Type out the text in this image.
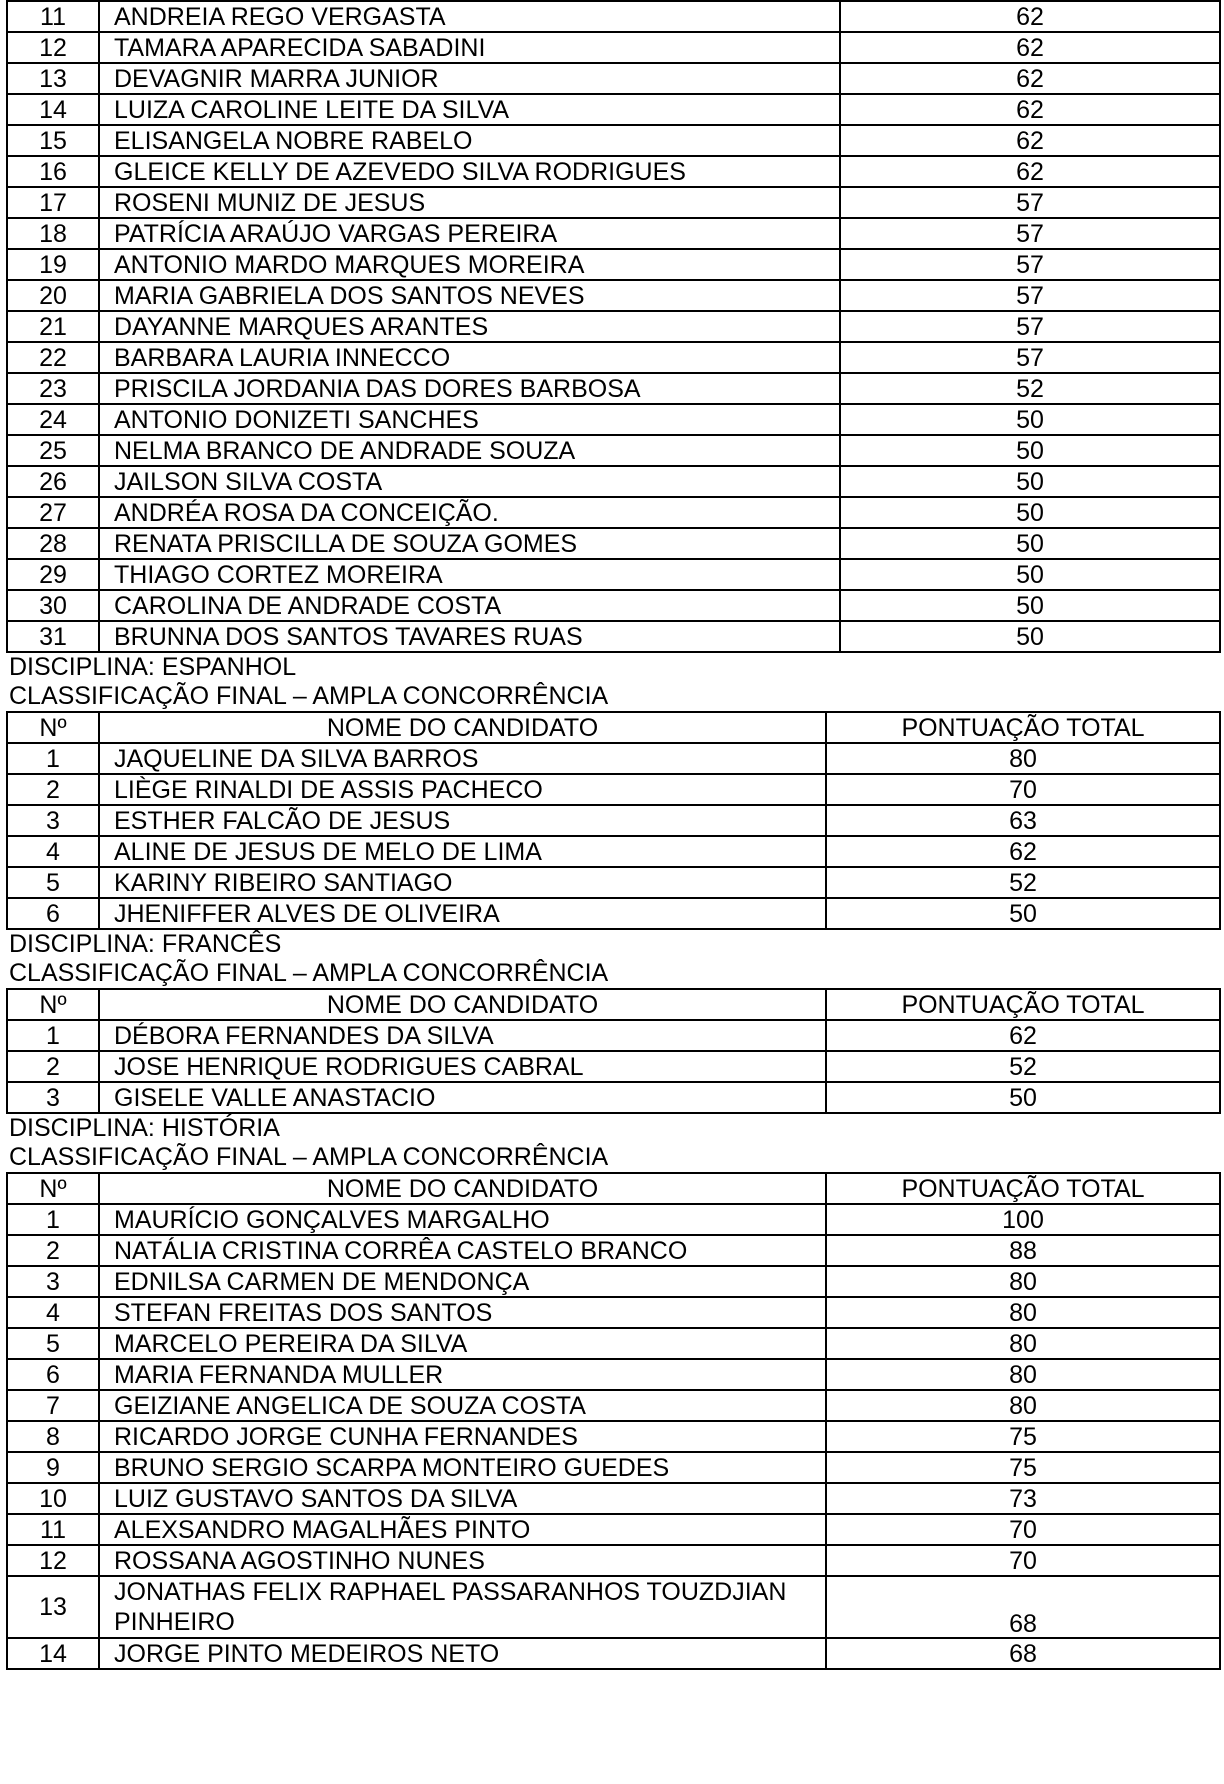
11	ANDREIA REGO VERGASTA	62
12	TAMARA APARECIDA SABADINI	62
13	DEVAGNIR MARRA JUNIOR	62
14	LUIZA CAROLINE LEITE DA SILVA	62
15	ELISANGELA NOBRE RABELO	62
16	GLEICE KELLY DE AZEVEDO SILVA RODRIGUES	62
17	ROSENI MUNIZ DE JESUS	57
18	PATRÍCIA ARAÚJO VARGAS PEREIRA	57
19	ANTONIO MARDO MARQUES MOREIRA	57
20	MARIA GABRIELA DOS SANTOS NEVES	57
21	DAYANNE MARQUES ARANTES	57
22	BARBARA LAURIA INNECCO	57
23	PRISCILA JORDANIA DAS DORES BARBOSA	52
24	ANTONIO DONIZETI SANCHES	50
25	NELMA BRANCO DE ANDRADE SOUZA	50
26	JAILSON SILVA COSTA	50
27	ANDRÉA ROSA DA CONCEIÇÃO.	50
28	RENATA PRISCILLA DE SOUZA GOMES	50
29	THIAGO CORTEZ MOREIRA	50
30	CAROLINA DE ANDRADE COSTA	50
31	BRUNNA DOS SANTOS TAVARES RUAS	50
DISCIPLINA: ESPANHOL
CLASSIFICAÇÃO FINAL – AMPLA CONCORRÊNCIA
Nº	NOME DO CANDIDATO	PONTUAÇÃO TOTAL
1	JAQUELINE DA SILVA BARROS	80
2	LIÈGE RINALDI DE ASSIS PACHECO	70
3	ESTHER FALCÃO DE JESUS	63
4	ALINE DE JESUS DE MELO DE LIMA	62
5	KARINY RIBEIRO SANTIAGO	52
6	JHENIFFER ALVES DE OLIVEIRA	50
DISCIPLINA: FRANCÊS
CLASSIFICAÇÃO FINAL – AMPLA CONCORRÊNCIA
Nº	NOME DO CANDIDATO	PONTUAÇÃO TOTAL
1	DÉBORA FERNANDES DA SILVA	62
2	JOSE HENRIQUE RODRIGUES CABRAL	52
3	GISELE VALLE ANASTACIO	50
DISCIPLINA: HISTÓRIA
CLASSIFICAÇÃO FINAL – AMPLA CONCORRÊNCIA
Nº	NOME DO CANDIDATO	PONTUAÇÃO TOTAL
1	MAURÍCIO GONÇALVES MARGALHO	100
2	NATÁLIA CRISTINA CORRÊA CASTELO BRANCO	88
3	EDNILSA CARMEN DE MENDONÇA	80
4	STEFAN FREITAS DOS SANTOS	80
5	MARCELO PEREIRA DA SILVA	80
6	MARIA FERNANDA MULLER	80
7	GEIZIANE ANGELICA DE SOUZA COSTA	80
8	RICARDO JORGE CUNHA FERNANDES	75
9	BRUNO SERGIO SCARPA MONTEIRO GUEDES	75
10	LUIZ GUSTAVO SANTOS DA SILVA	73
11	ALEXSANDRO MAGALHÃES PINTO	70
12	ROSSANA AGOSTINHO NUNES	70
13	JONATHAS FELIX RAPHAEL PASSARANHOS TOUZDJIAN PINHEIRO	68
14	JORGE PINTO MEDEIROS NETO	68
